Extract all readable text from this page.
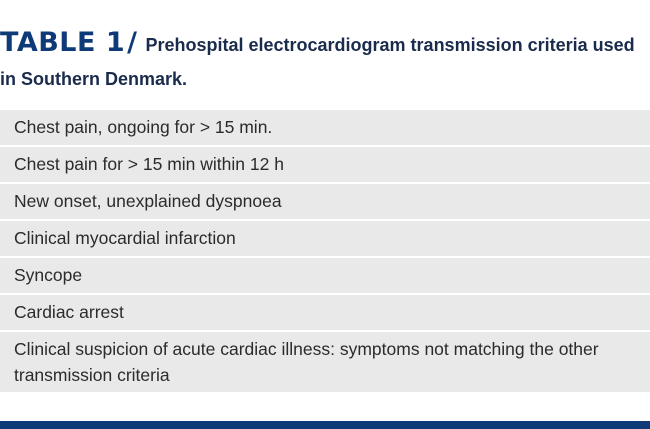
TABLE 1/ Prehospital electrocardiogram transmission criteria used in Southern Denmark.
Chest pain, ongoing for > 15 min.
Chest pain for > 15 min within 12 h
New onset, unexplained dyspnoea
Clinical myocardial infarction
Syncope
Cardiac arrest
Clinical suspicion of acute cardiac illness: symptoms not matching the other transmission criteria
